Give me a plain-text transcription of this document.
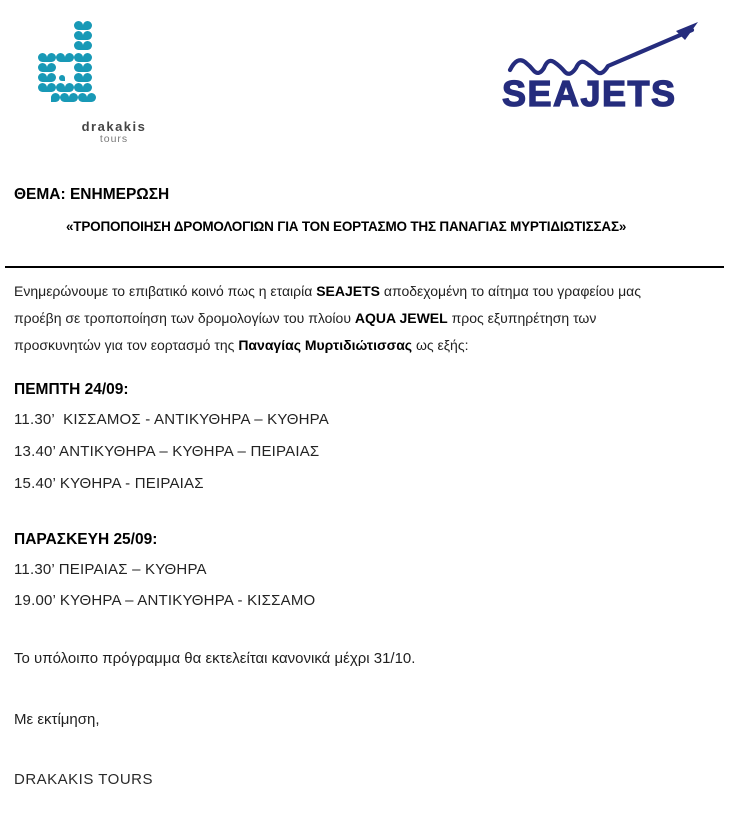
drakakis
tours
SEAJETS
ΘΕΜΑ: ΕΝΗΜΕΡΩΣΗ
«ΤΡΟΠΟΠΟΙΗΣΗ ΔΡΟΜΟΛΟΓΙΩΝ ΓΙΑ ΤΟΝ ΕΟΡΤΑΣΜΟ ΤΗΣ ΠΑΝΑΓΙΑΣ ΜΥΡΤΙΔΙΩΤΙΣΣΑΣ»
Ενημερώνουμε το επιβατικό κοινό πως η εταιρία SEAJETS αποδεχομένη το αίτημα του γραφείου μας
προέβη σε τροποποίηση των δρομολογίων του πλοίου AQUA JEWEL προς εξυπηρέτηση των
προσκυνητών για τον εορτασμό της Παναγίας Μυρτιδιώτισσας ως εξής:
ΠΕΜΠΤΗ 24/09:
11.30’  ΚΙΣΣΑΜΟΣ - ΑΝΤΙΚΥΘΗΡΑ – ΚΥΘΗΡΑ
13.40’ ΑΝΤΙΚΥΘΗΡΑ – ΚΥΘΗΡΑ – ΠΕΙΡΑΙΑΣ
15.40’ ΚΥΘΗΡΑ - ΠΕΙΡΑΙΑΣ
ΠΑΡΑΣΚΕΥΗ 25/09:
11.30’ ΠΕΙΡΑΙΑΣ – ΚΥΘΗΡΑ
19.00’ ΚΥΘΗΡΑ – ΑΝΤΙΚΥΘΗΡΑ - ΚΙΣΣΑΜΟ
Το υπόλοιπο πρόγραμμα θα εκτελείται κανονικά μέχρι 31/10.
Με εκτίμηση,
DRAKAKIS TOURS
